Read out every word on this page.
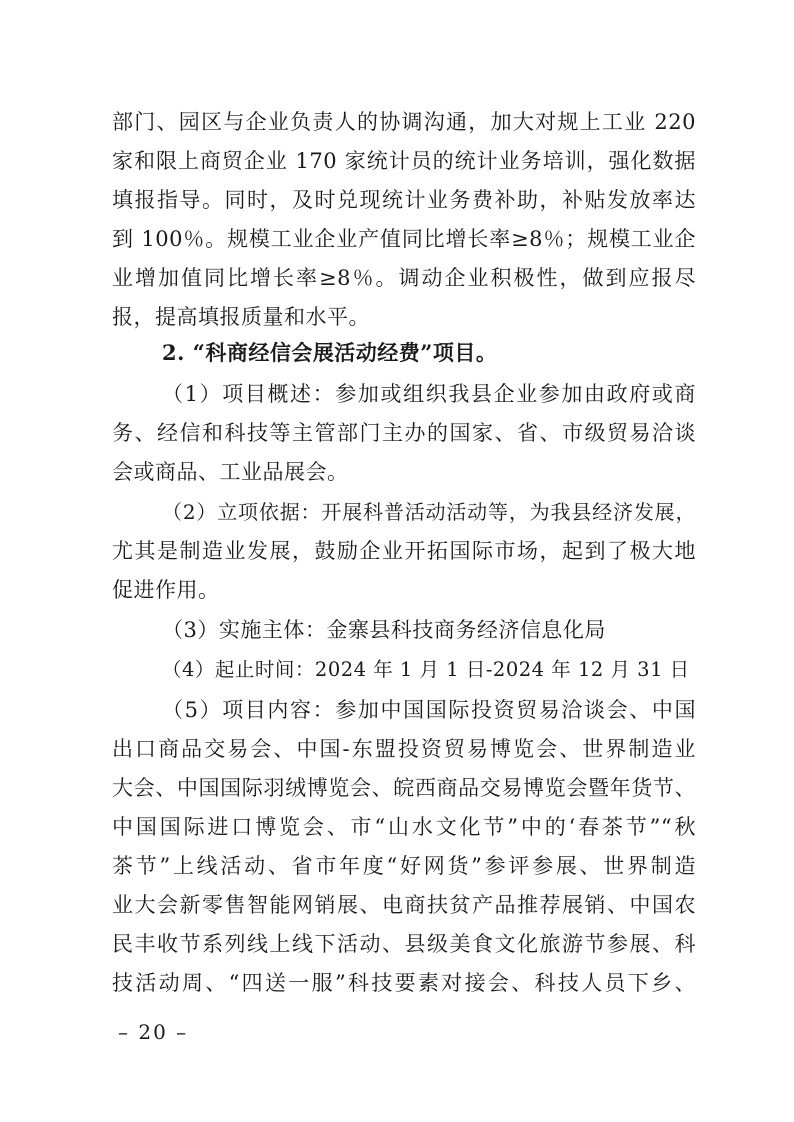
部门、园区与企业负责人的协调沟通，加大对规上工业 220
家和限上商贸企业 170 家统计员的统计业务培训，强化数据
填报指导。同时，及时兑现统计业务费补助，补贴发放率达
到 100％。规模工业企业产值同比增长率≥8％；规模工业企
业增加值同比增长率≥8％。调动企业积极性，做到应报尽
报，提高填报质量和水平。
2. “科商经信会展活动经费”项目。
（1）项目概述：参加或组织我县企业参加由政府或商
务、经信和科技等主管部门主办的国家、省、市级贸易洽谈
会或商品、工业品展会。
（2）立项依据：开展科普活动活动等，为我县经济发展，
尤其是制造业发展，鼓励企业开拓国际市场，起到了极大地
促进作用。
（3）实施主体：金寨县科技商务经济信息化局
（4）起止时间：2024 年 1 月 1 日-2024 年 12 月 31 日
（5）项目内容：参加中国国际投资贸易洽谈会、中国
出口商品交易会、中国-东盟投资贸易博览会、世界制造业
大会、中国国际羽绒博览会、皖西商品交易博览会暨年货节、
中国国际进口博览会、市“山水文化节”中的‘春茶节”“秋
茶节”上线活动、省市年度“好网货”参评参展、世界制造
业大会新零售智能网销展、电商扶贫产品推荐展销、中国农
民丰收节系列线上线下活动、县级美食文化旅游节参展、科
技活动周、“四送一服”科技要素对接会、科技人员下乡、
– 20 –
